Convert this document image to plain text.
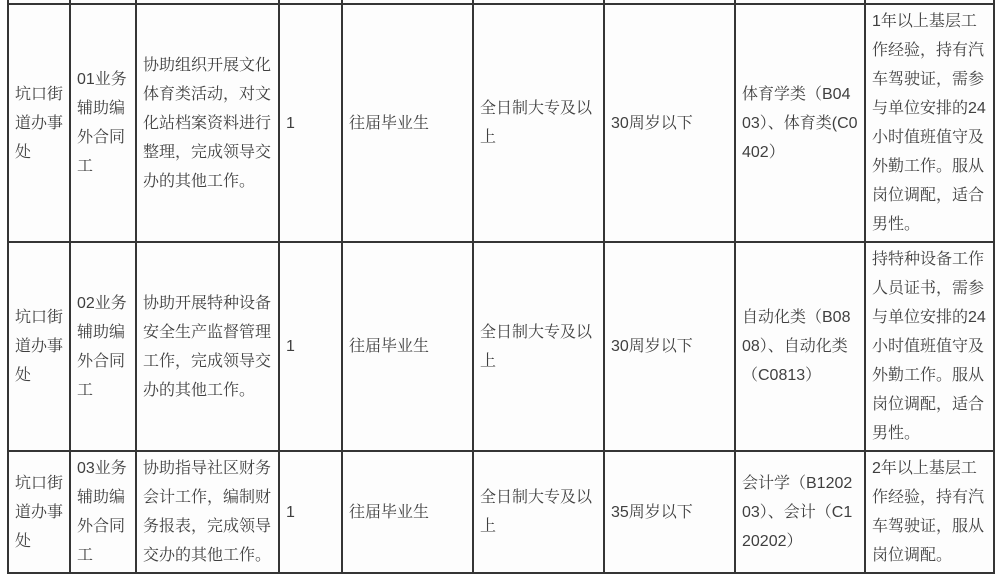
坑口街道办事处	01业务辅助编外合同工	协助组织开展文化体育类活动，对文化站档案资料进行整理，完成领导交办的其他工作。	1	往届毕业生	全日制大专及以上	30周岁以下	体育学类（B0403）、体育类(C0402）	1年以上基层工作经验，持有汽车驾驶证，需参与单位安排的24小时值班值守及外勤工作。服从岗位调配，适合男性。
坑口街道办事处	02业务辅助编外合同工	协助开展特种设备安全生产监督管理工作，完成领导交办的其他工作。	1	往届毕业生	全日制大专及以上	30周岁以下	自动化类（B0808）、自动化类（C0813）	持特种设备工作人员证书，需参与单位安排的24小时值班值守及外勤工作。服从岗位调配，适合男性。
坑口街道办事处	03业务辅助编外合同工	协助指导社区财务会计工作，编制财务报表，完成领导交办的其他工作。	1	往届毕业生	全日制大专及以上	35周岁以下	会计学（B120203）、会计（C120202）	2年以上基层工作经验，持有汽车驾驶证，服从岗位调配。
